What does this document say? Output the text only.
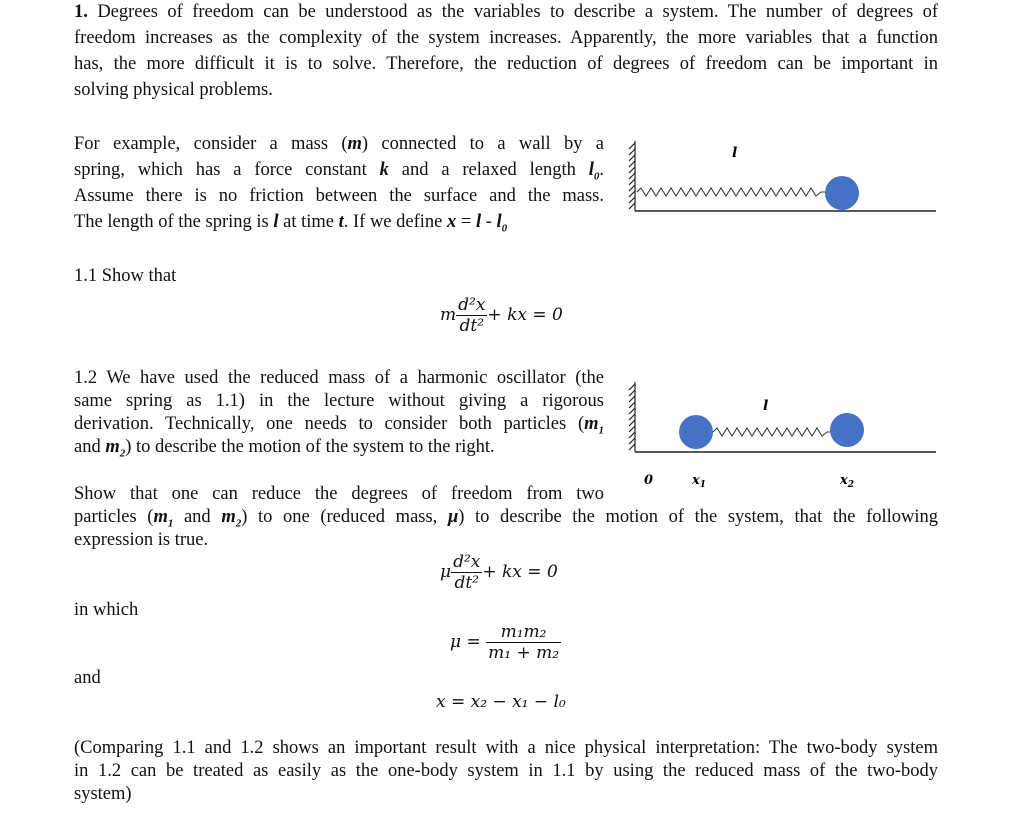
1. Degrees of freedom can be understood as the variables to describe a system. The number of degrees of
freedom increases as the complexity of the system increases. Apparently, the more variables that a function
has, the more difficult it is to solve. Therefore, the reduction of degrees of freedom can be important in
solving physical problems.
For example, consider a mass (m) connected to a wall by a
spring, which has a force constant k and a relaxed length $l_0$.
Assume there is no friction between the surface and the mass.
The length of the spring is l at time t. If we define $x = l - l_0$
l
1.1 Show that
m $\frac{\text{d²x}}{\text{dt²}}$ + kx = 0
1.2 We have used the reduced mass of a harmonic oscillator (the
same spring as 1.1) in the lecture without giving a rigorous
derivation. Technically, one needs to consider both particles ($m_1$
and $m_2$) to describe the motion of the system to the right.
l
0	$x_1$	$x_2$
Show that one can reduce the degrees of freedom from two
particles ($m_1$ and $m_2$) to one (reduced mass, μ) to describe the motion of the system, that the following
expression is true.
μ $\frac{\text{d²x}}{\text{dt²}}$ + kx = 0
in which
$\mu = \frac{\text{m₁m₂}}{\text{m₁ + m₂}}$
and
x = x₂ − x₁ − l₀
(Comparing 1.1 and 1.2 shows an important result with a nice physical interpretation: The two-body system
in 1.2 can be treated as easily as the one-body system in 1.1 by using the reduced mass of the two-body
system)
